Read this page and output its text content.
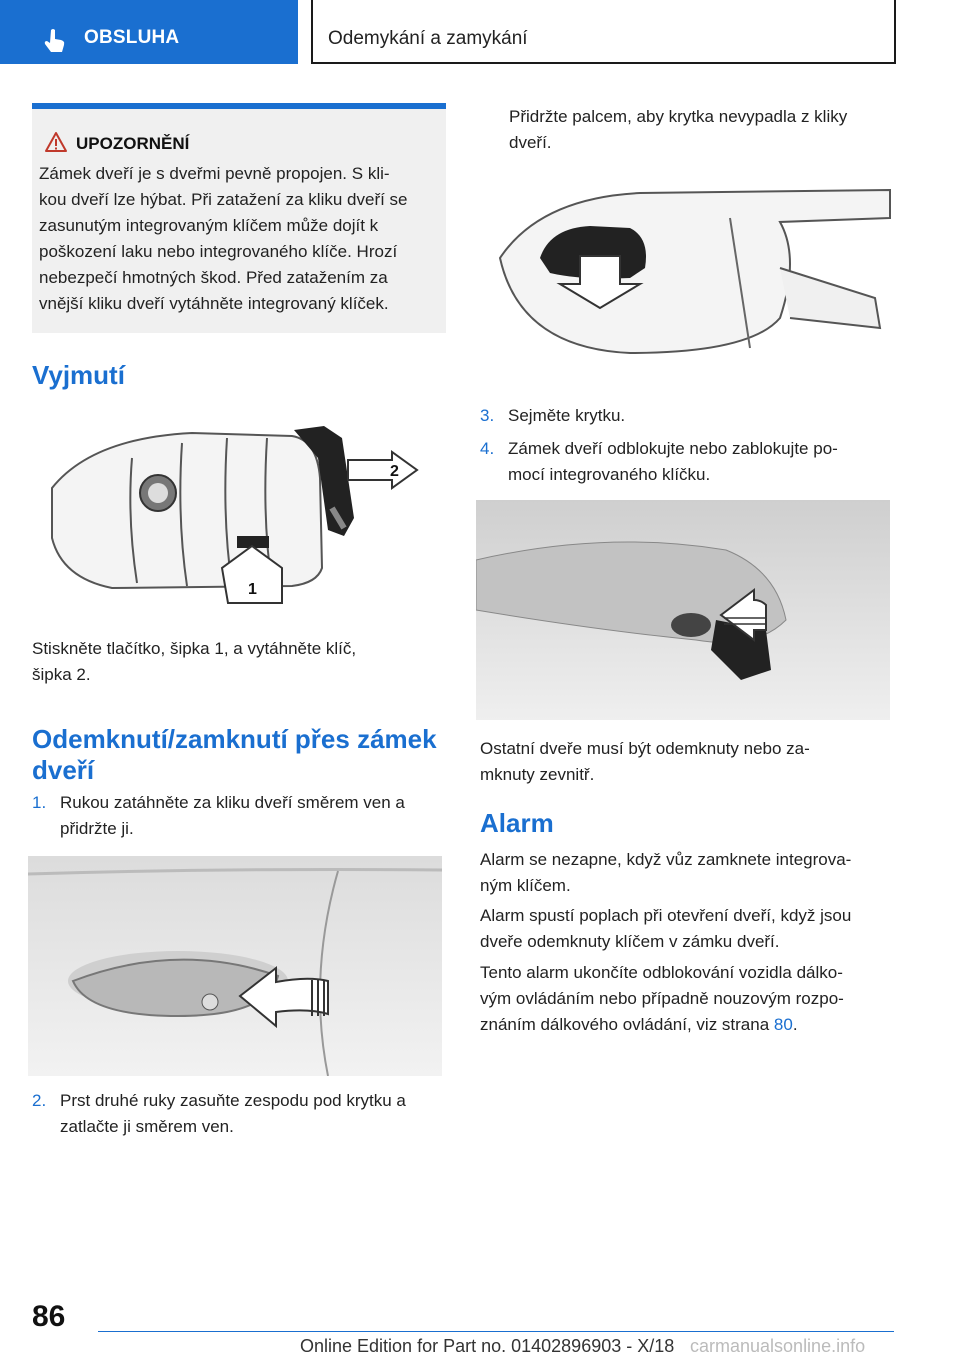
OBSLUHA	Odemykání a zamykání
UPOZORNĚNÍ
Zámek dveří je s dveřmi pevně propojen. S kli-
kou dveří lze hýbat. Při zatažení za kliku dveří se
zasunutým integrovaným klíčem může dojít k
poškození laku nebo integrovaného klíče. Hrozí
nebezpečí hmotných škod. Před zatažením za
vnější kliku dveří vytáhněte integrovaný klíček.
Vyjmutí
2
1
Stiskněte tlačítko, šipka 1, a vytáhněte klíč,
šipka 2.
Odemknutí/zamknutí přes zámek
dveří
1. Rukou zatáhněte za kliku dveří směrem ven a
přidržte ji.
2. Prst druhé ruky zasuňte zespodu pod krytku a
zatlačte ji směrem ven.
Přidržte palcem, aby krytka nevypadla z kliky
dveří.
3. Sejměte krytku.
4. Zámek dveří odblokujte nebo zablokujte po-
mocí integrovaného klíčku.
Ostatní dveře musí být odemknuty nebo za-
mknuty zevnitř.
Alarm
Alarm se nezapne, když vůz zamknete integrova-
ným klíčem.
Alarm spustí poplach při otevření dveří, když jsou
dveře odemknuty klíčem v zámku dveří.
Tento alarm ukončíte odblokování vozidla dálko-
vým ovládáním nebo případně nouzovým rozpo-
znáním dálkového ovládání, viz strana 80.
86
Online Edition for Part no. 01402896903 - X/18 carmanualsonline.info
